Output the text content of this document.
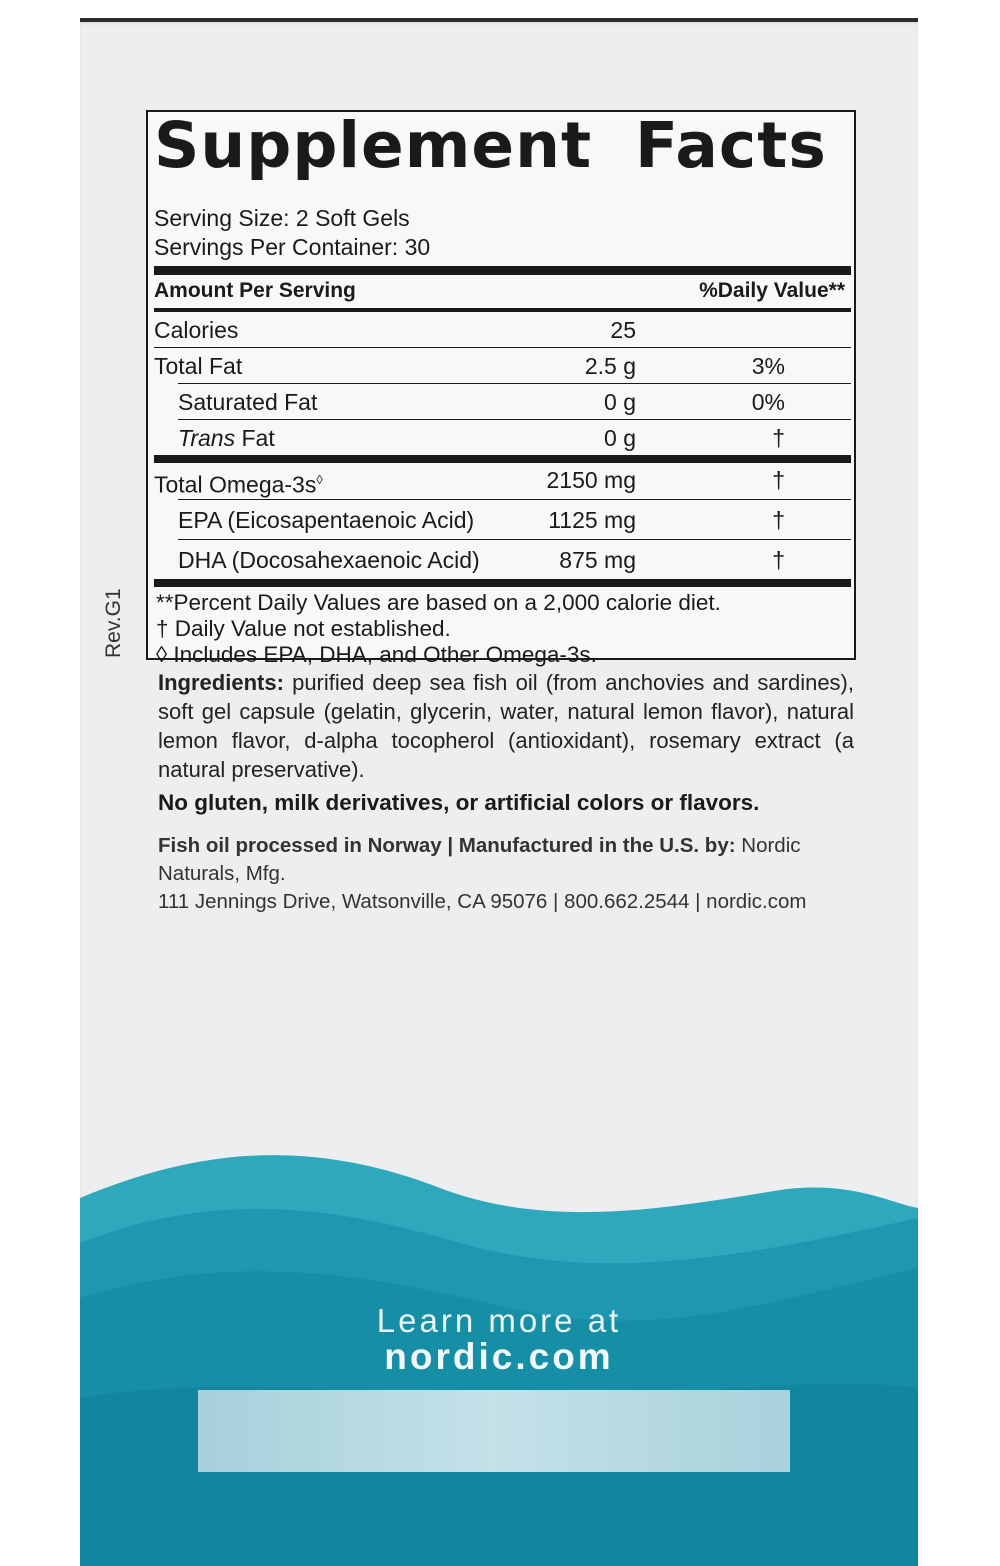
Supplement Facts
Serving Size: 2 Soft Gels
Servings Per Container: 30
Amount Per Serving	%Daily Value**
Calories	25
Total Fat	2.5 g	3%
Saturated Fat	0 g	0%
Trans Fat	0 g	†
Total Omega-3s◊	2150 mg	†
EPA (Eicosapentaenoic Acid)	1125 mg	†
DHA (Docosahexaenoic Acid)	875 mg	†
**Percent Daily Values are based on a 2,000 calorie diet.
† Daily Value not established.
◊ Includes EPA, DHA, and Other Omega-3s.
Rev.G1
Ingredients: purified deep sea fish oil (from anchovies and sardines), soft gel capsule (gelatin, glycerin, water, natural lemon flavor), natural lemon flavor, d-alpha tocopherol (antioxidant), rosemary extract (a natural preservative).
No gluten, milk derivatives, or artificial colors or flavors.
Fish oil processed in Norway | Manufactured in the U.S. by: Nordic Naturals, Mfg.
111 Jennings Drive, Watsonville, CA 95076 | 800.662.2544 | nordic.com
Learn more at
nordic.com
